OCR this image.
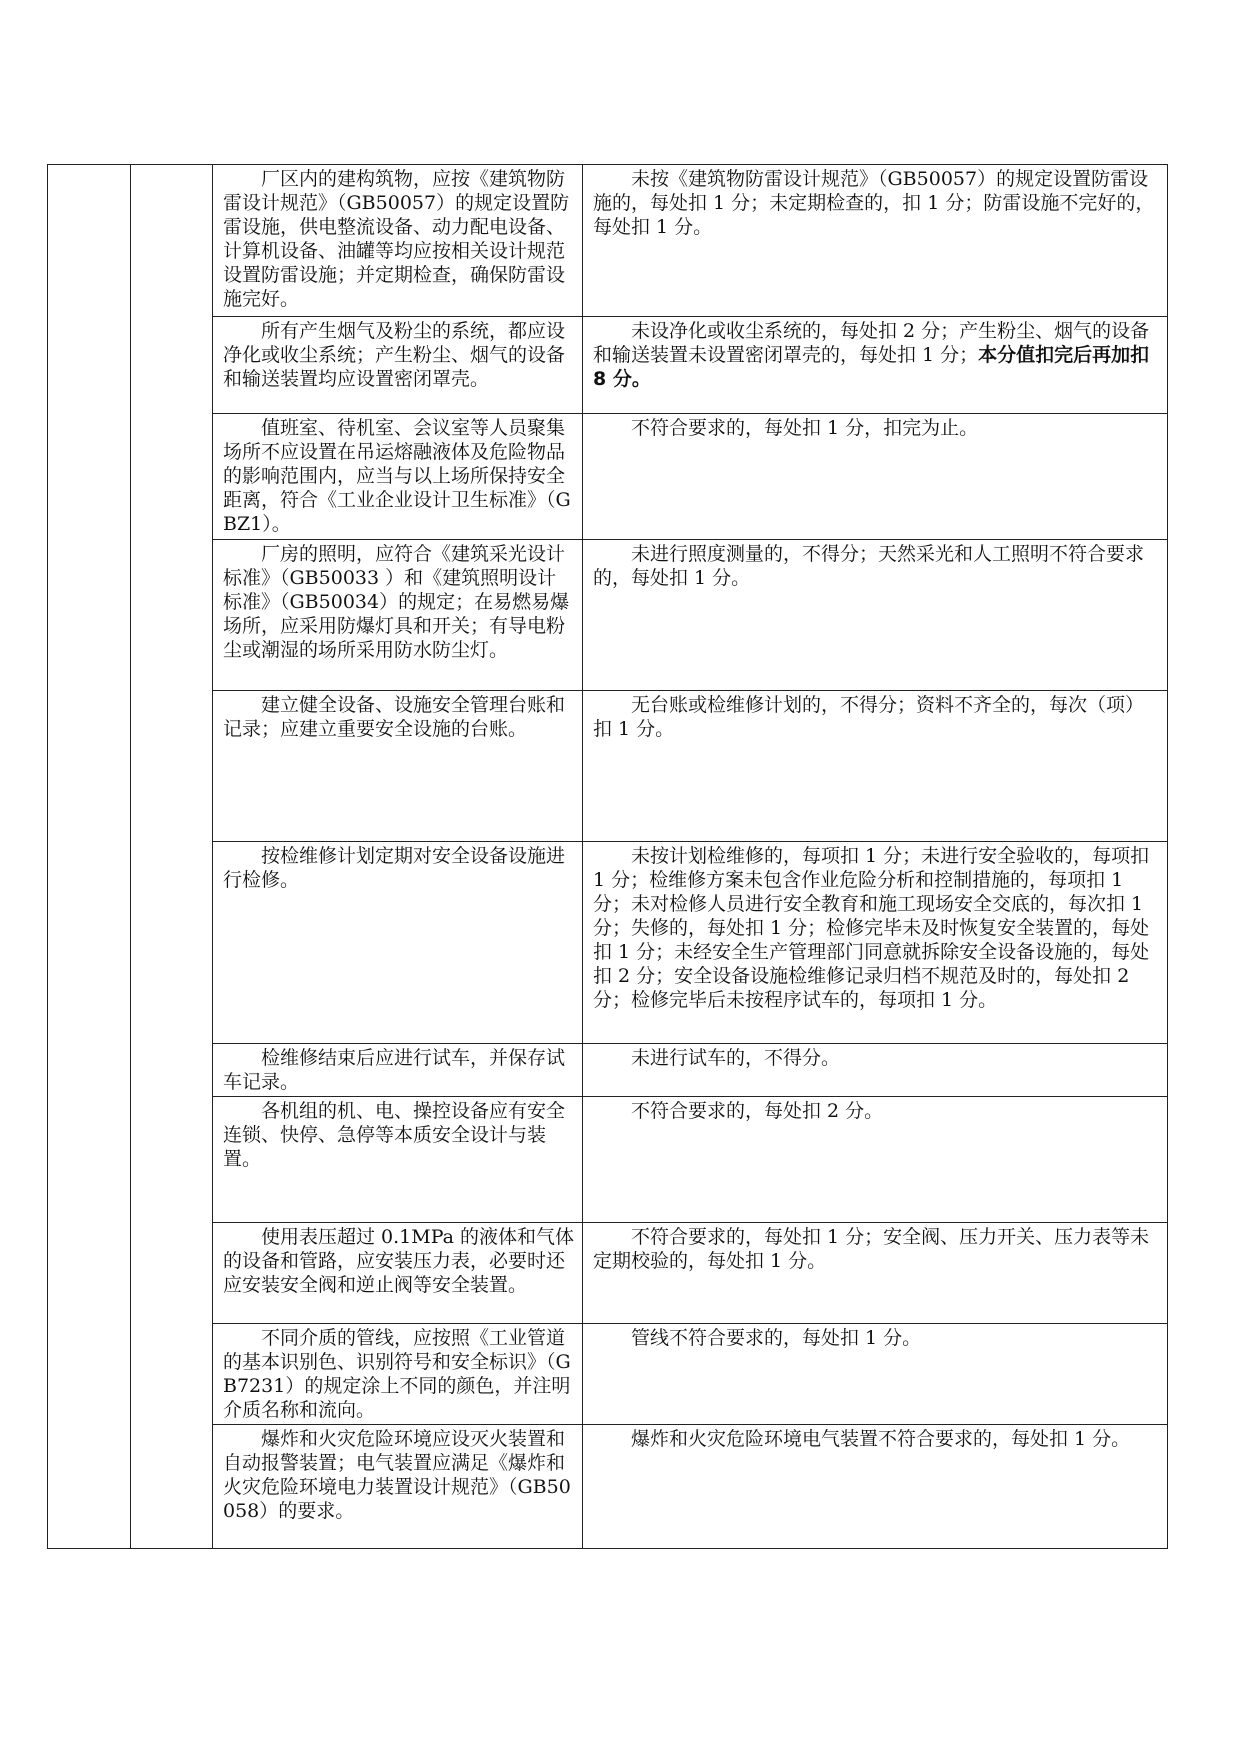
		厂区内的建构筑物，应按《建筑物防雷设计规范》（GB50057）的规定设置防雷设施，供电整流设备、动力配电设备、计算机设备、油罐等均应按相关设计规范设置防雷设施；并定期检查，确保防雷设施完好。	未按《建筑物防雷设计规范》（GB50057）的规定设置防雷设施的，每处扣 1 分；未定期检查的，扣 1 分；防雷设施不完好的，每处扣 1 分。

		所有产生烟气及粉尘的系统，都应设净化或收尘系统；产生粉尘、烟气的设备和输送装置均应设置密闭罩壳。	未设净化或收尘系统的，每处扣 2 分；产生粉尘、烟气的设备和输送装置未设置密闭罩壳的，每处扣 1 分；本分值扣完后再加扣 8 分。

		值班室、待机室、会议室等人员聚集场所不应设置在吊运熔融液体及危险物品的影响范围内，应当与以上场所保持安全距离，符合《工业企业设计卫生标准》（GBZ1）。	不符合要求的，每处扣 1 分，扣完为止。

		厂房的照明，应符合《建筑采光设计标准》（GB50033 ）和《建筑照明设计标准》（GB50034）的规定；在易燃易爆场所，应采用防爆灯具和开关；有导电粉尘或潮湿的场所采用防水防尘灯。	未进行照度测量的，不得分；天然采光和人工照明不符合要求的，每处扣 1 分。

		建立健全设备、设施安全管理台账和记录；应建立重要安全设施的台账。	无台账或检维修计划的，不得分；资料不齐全的，每次（项）扣 1 分。

		按检维修计划定期对安全设备设施进行检修。	未按计划检维修的，每项扣 1 分；未进行安全验收的，每项扣 1 分；检维修方案未包含作业危险分析和控制措施的，每项扣 1 分；未对检修人员进行安全教育和施工现场安全交底的，每次扣 1 分；失修的，每处扣 1 分；检修完毕未及时恢复安全装置的，每处扣 1 分；未经安全生产管理部门同意就拆除安全设备设施的，每处扣 2 分；安全设备设施检维修记录归档不规范及时的，每处扣 2 分；检修完毕后未按程序试车的，每项扣 1 分。

		检维修结束后应进行试车，并保存试车记录。	未进行试车的，不得分。

		各机组的机、电、操控设备应有安全连锁、快停、急停等本质安全设计与装置。	不符合要求的，每处扣 2 分。

		使用表压超过 0.1MPa 的液体和气体的设备和管路，应安装压力表，必要时还应安装安全阀和逆止阀等安全装置。	不符合要求的，每处扣 1 分；安全阀、压力开关、压力表等未定期校验的，每处扣 1 分。

		不同介质的管线，应按照《工业管道的基本识别色、识别符号和安全标识》（GB7231）的规定涂上不同的颜色，并注明介质名称和流向。	管线不符合要求的，每处扣 1 分。

		爆炸和火灾危险环境应设灭火装置和自动报警装置；电气装置应满足《爆炸和火灾危险环境电力装置设计规范》（GB50058）的要求。	爆炸和火灾危险环境电气装置不符合要求的，每处扣 1 分。
